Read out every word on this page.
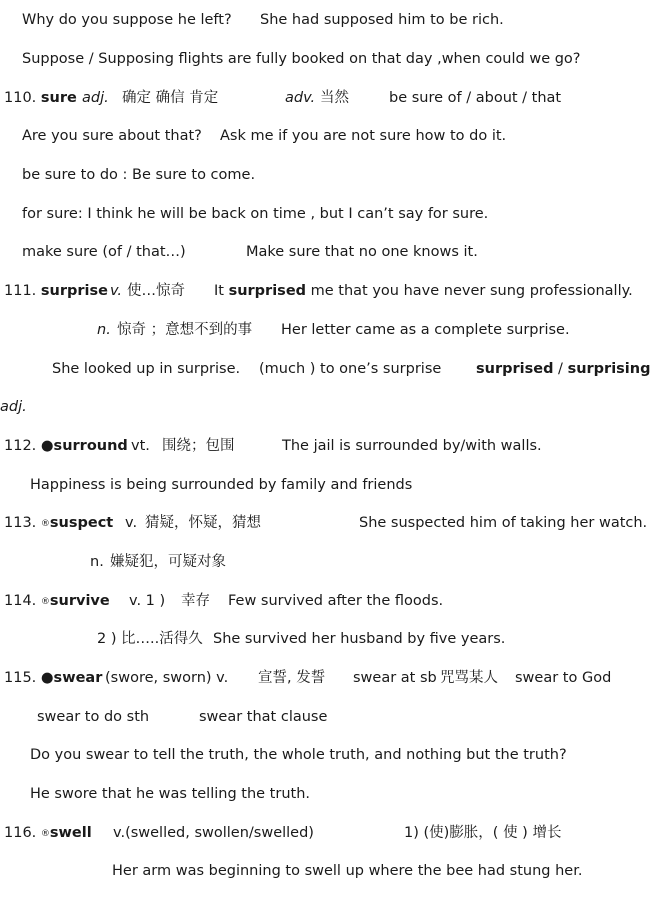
Why do you suppose he left? She had supposed him to be rich.
Suppose / Supposing flights are fully booked on that day ,when could we go?
110. sure adj. 确定 确信 肯定	adv. 当然	be sure of / about / that
Are you sure about that? Ask me if you are not sure how to do it.
be sure to do : Be sure to come.
for sure: I think he will be back on time , but I can’t say for sure.
make sure (of / that…)	Make sure that no one knows it.
111. surprise v. 使…惊奇 It surprised me that you have never sung professionally.
n. 惊奇 ；意想不到的事 Her letter came as a complete surprise.
She looked up in surprise. (much ) to one’s surprise surprised / surprising
adj.
112. ●surround vt. 围绕；包围	The jail is surrounded by/with walls.
Happiness is being surrounded by family and friends
113. ®suspect v. 猜疑，怀疑，猜想	She suspected him of taking her watch.
n. 嫌疑犯，可疑对象
114. ®survive v. 1 ) 幸存 Few survived after the floods.
2 ) 比…..活得久 She survived her husband by five years.
115. ●swear (swore, sworn) v. 宣誓, 发誓 swear at sb 咒骂某人 swear to God
swear to do sth	swear that clause
Do you swear to tell the truth, the whole truth, and nothing but the truth?
He swore that he was telling the truth.
116. ®swell v.(swelled, swollen/swelled)	1) (使)膨胀，( 使 ) 增长
Her arm was beginning to swell up where the bee had stung her.
